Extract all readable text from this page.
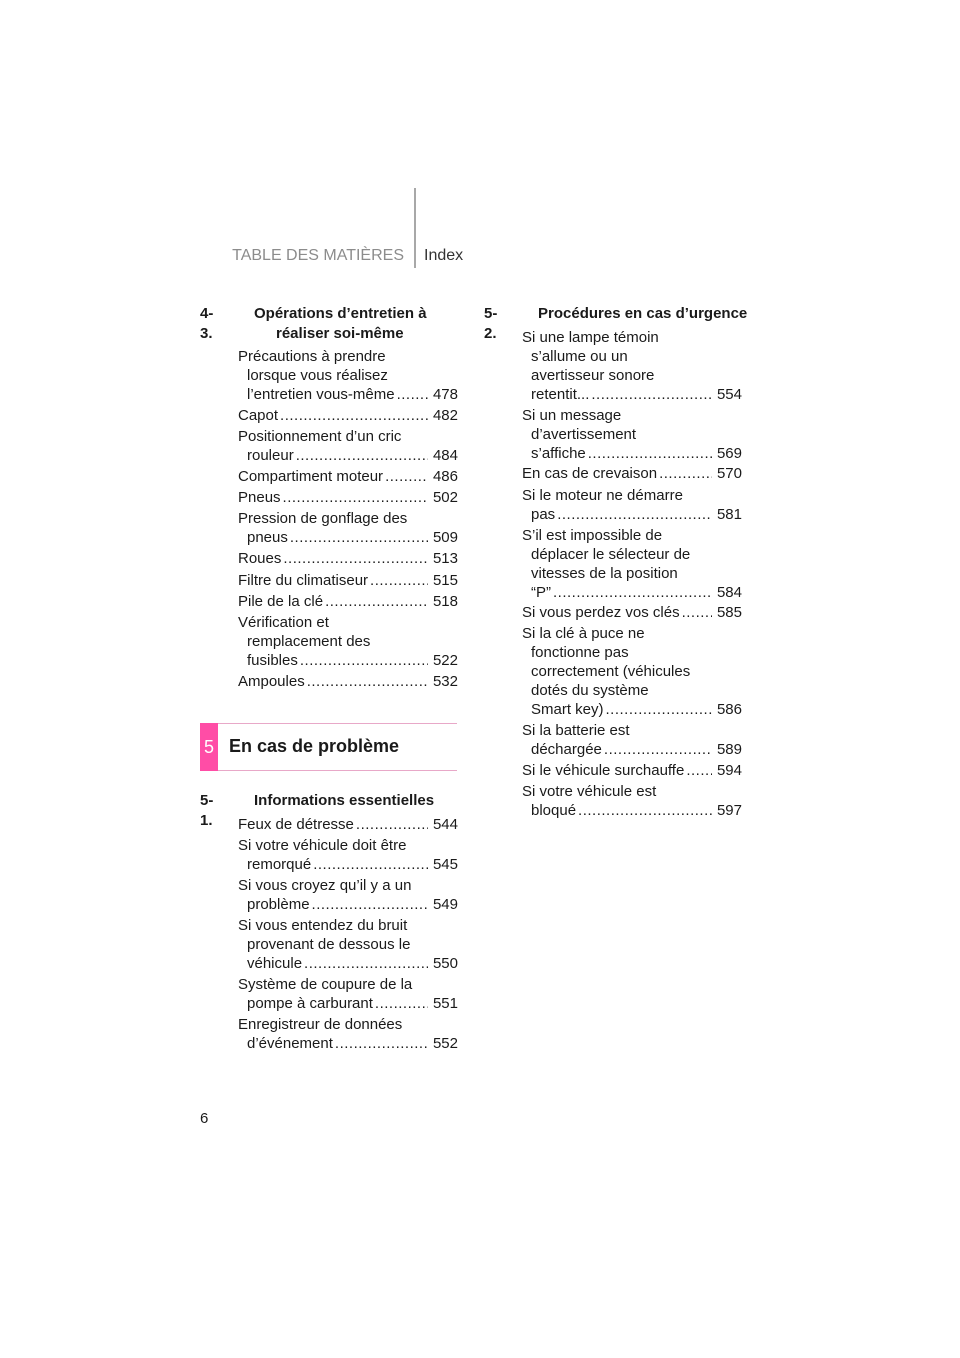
TABLE DES MATIÈRES Index
4-3.
Opérations d’entretien à
réaliser soi-même
Précautions à prendre
lorsque vous réalisez
l’entretien vous-même .....	478
Capot .....	482
Positionnement d’un cric
rouleur .....	484
Compartiment moteur .....	486
Pneus .....	502
Pression de gonflage des
pneus .....	509
Roues .....	513
Filtre du climatiseur .....	515
Pile de la clé .....	518
Vérification et
remplacement des
fusibles .....	522
Ampoules .....	532
5 En cas de problème
5-1.
Informations essentielles
Feux de détresse .....	544
Si votre véhicule doit être
remorqué .....	545
Si vous croyez qu’il y a un
problème .....	549
Si vous entendez du bruit
provenant de dessous le
véhicule .....	550
Système de coupure de la
pompe à carburant .....	551
Enregistreur de données
d’événement .....	552
5-2.
Procédures en cas d’urgence
Si une lampe témoin
s’allume ou un
avertisseur sonore
retentit... .....	554
Si un message
d’avertissement
s’affiche .....	569
En cas de crevaison .....	570
Si le moteur ne démarre
pas .....	581
S’il est impossible de
déplacer le sélecteur de
vitesses de la position
“P” .....	584
Si vous perdez vos clés ..... 585
Si la clé à puce ne
fonctionne pas
correctement (véhicules
dotés du système
Smart key) .....	586
Si la batterie est
déchargée .....	589
Si le véhicule surchauffe ..... 594
Si votre véhicule est
bloqué .....	597
6
